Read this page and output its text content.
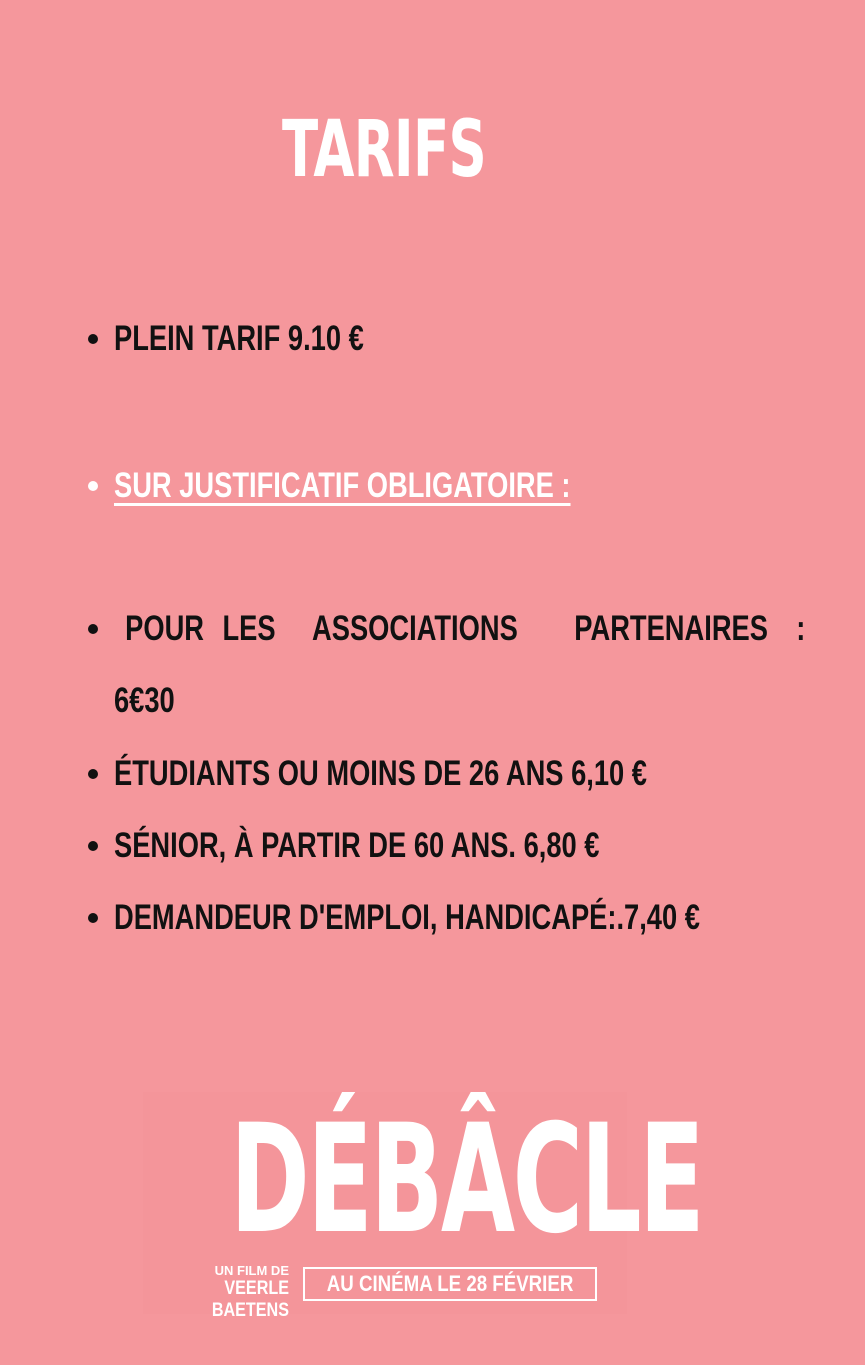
TARIFS
PLEIN TARIF 9.10 €
SUR JUSTIFICATIF OBLIGATOIRE :
POUR LES ASSOCIATIONS PARTENAIRES :
6€30
ÉTUDIANTS OU MOINS DE 26 ANS 6,10 €
SÉNIOR, À PARTIR DE 60 ANS. 6,80 €
DEMANDEUR D'EMPLOI, HANDICAPÉ:.7,40 €
DÉBÂCLE
UN FILM DE
VEERLE BAETENS
AU CINÉMA LE 28 FÉVRIER
